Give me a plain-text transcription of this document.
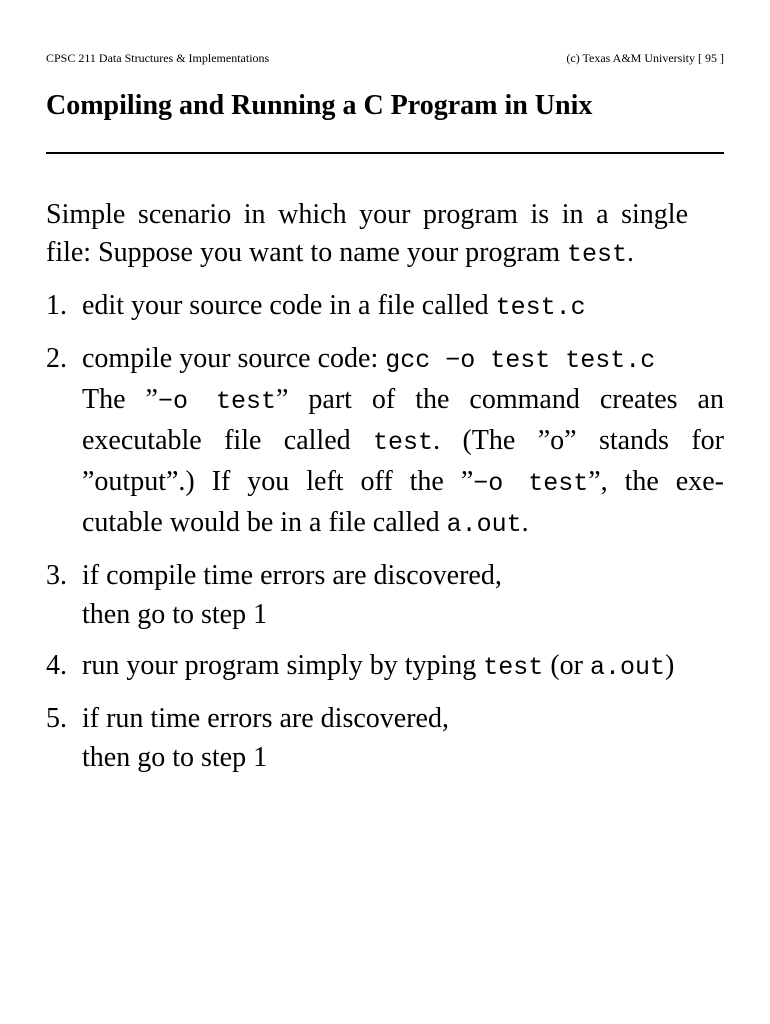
CPSC 211 Data Structures & Implementations	(c) Texas A&M University [ 95 ]
Compiling and Running a C Program in Unix

Simple scenario in which your program is in a single
file: Suppose you want to name your program test.

1. edit your source code in a file called test.c
2. compile your source code: gcc −o test test.c
The ”−o test” part of the command creates an
executable file called test. (The ”o” stands for
”output”.) If you left off the ”−o test”, the exe-
cutable would be in a file called a.out.
3. if compile time errors are discovered,
then go to step 1
4. run your program simply by typing test (or a.out)
5. if run time errors are discovered,
then go to step 1
